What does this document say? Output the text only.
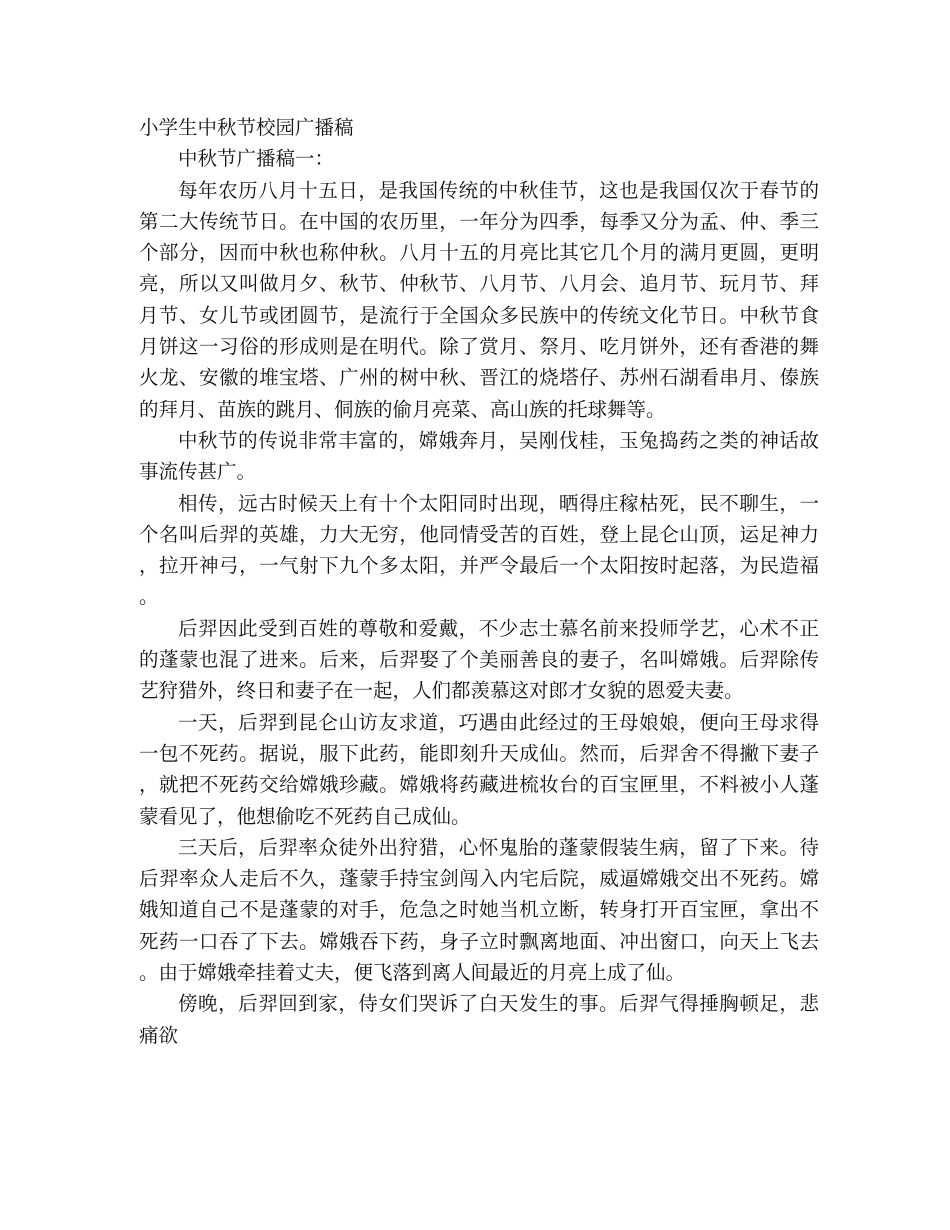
小学生中秋节校园广播稿

中秋节广播稿一：

每年农历八月十五日，是我国传统的中秋佳节，这也是我国仅次于春节的第二大传统节日。在中国的农历里，一年分为四季，每季又分为孟、仲、季三个部分，因而中秋也称仲秋。八月十五的月亮比其它几个月的满月更圆，更明亮，所以又叫做月夕、秋节、仲秋节、八月节、八月会、追月节、玩月节、拜月节、女儿节或团圆节，是流行于全国众多民族中的传统文化节日。中秋节食月饼这一习俗的形成则是在明代。除了赏月、祭月、吃月饼外，还有香港的舞火龙、安徽的堆宝塔、广州的树中秋、晋江的烧塔仔、苏州石湖看串月、傣族的拜月、苗族的跳月、侗族的偷月亮菜、高山族的托球舞等。

中秋节的传说非常丰富的，嫦娥奔月，吴刚伐桂，玉兔捣药之类的神话故事流传甚广。

相传，远古时候天上有十个太阳同时出现，晒得庄稼枯死，民不聊生，一个名叫后羿的英雄，力大无穷，他同情受苦的百姓，登上昆仑山顶，运足神力，拉开神弓，一气射下九个多太阳，并严令最后一个太阳按时起落，为民造福。

后羿因此受到百姓的尊敬和爱戴，不少志士慕名前来投师学艺，心术不正的蓬蒙也混了进来。后来，后羿娶了个美丽善良的妻子，名叫嫦娥。后羿除传艺狩猎外，终日和妻子在一起，人们都羡慕这对郎才女貌的恩爱夫妻。

一天，后羿到昆仑山访友求道，巧遇由此经过的王母娘娘，便向王母求得一包不死药。据说，服下此药，能即刻升天成仙。然而，后羿舍不得撇下妻子，就把不死药交给嫦娥珍藏。嫦娥将药藏进梳妆台的百宝匣里，不料被小人蓬蒙看见了，他想偷吃不死药自己成仙。

三天后，后羿率众徒外出狩猎，心怀鬼胎的蓬蒙假装生病，留了下来。待后羿率众人走后不久，蓬蒙手持宝剑闯入内宅后院，威逼嫦娥交出不死药。嫦娥知道自己不是蓬蒙的对手，危急之时她当机立断，转身打开百宝匣，拿出不死药一口吞了下去。嫦娥吞下药，身子立时飘离地面、冲出窗口，向天上飞去。由于嫦娥牵挂着丈夫，便飞落到离人间最近的月亮上成了仙。

傍晚，后羿回到家，侍女们哭诉了白天发生的事。后羿气得捶胸顿足，悲痛欲
